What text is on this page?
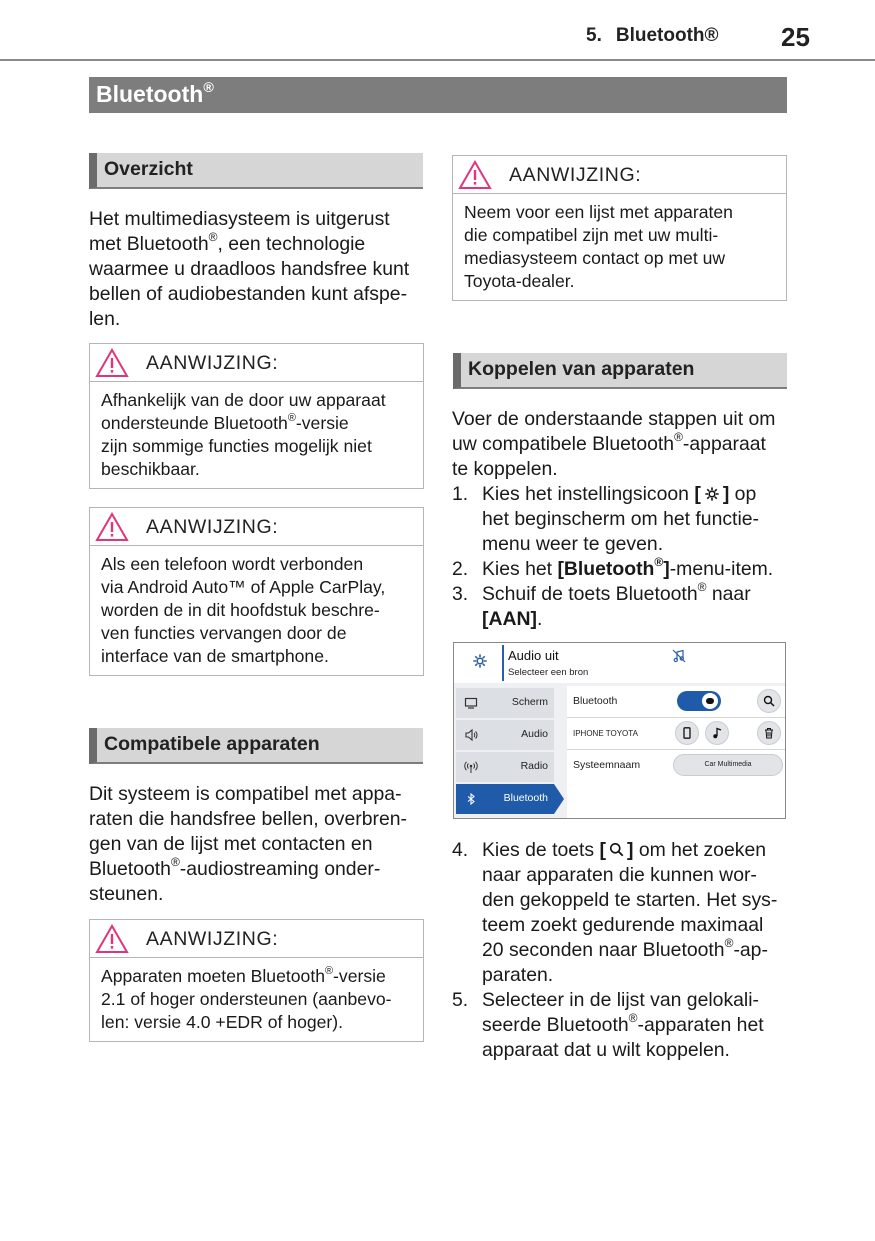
5. Bluetooth® 25
Bluetooth®
Overzicht
Het multimediasysteem is uitgerust
met Bluetooth®, een technologie
waarmee u draadloos handsfree kunt
bellen of audiobestanden kunt afspe-
len.
AANWIJZING:
Afhankelijk van de door uw apparaat
ondersteunde Bluetooth®-versie
zijn sommige functies mogelijk niet
beschikbaar.
AANWIJZING:
Als een telefoon wordt verbonden
via Android Auto™ of Apple CarPlay,
worden de in dit hoofdstuk beschre-
ven functies vervangen door de
interface van de smartphone.
Compatibele apparaten
Dit systeem is compatibel met appa-
raten die handsfree bellen, overbren-
gen van de lijst met contacten en
Bluetooth®-audiostreaming onder-
steunen.
AANWIJZING:
Apparaten moeten Bluetooth®-versie
2.1 of hoger ondersteunen (aanbevo-
len: versie 4.0 +EDR of hoger).
AANWIJZING:
Neem voor een lijst met apparaten
die compatibel zijn met uw multi-
mediasysteem contact op met uw
Toyota-dealer.
Koppelen van apparaten
Voer de onderstaande stappen uit om
uw compatibele Bluetooth®-apparaat
te koppelen.
1. Kies het instellingsicoon [ ] op
het beginscherm om het functie-
menu weer te geven.
2. Kies het [Bluetooth®]-menu-item.
3. Schuif de toets Bluetooth® naar
[AAN].
Audio uit
Selecteer een bron
Scherm
Audio
Radio
Bluetooth
Bluetooth
IPHONE TOYOTA
Systeemnaam	Car Multimedia
4. Kies de toets [ ] om het zoeken
naar apparaten die kunnen wor-
den gekoppeld te starten. Het sys-
teem zoekt gedurende maximaal
20 seconden naar Bluetooth®-ap-
paraten.
5. Selecteer in de lijst van gelokali-
seerde Bluetooth®-apparaten het
apparaat dat u wilt koppelen.
